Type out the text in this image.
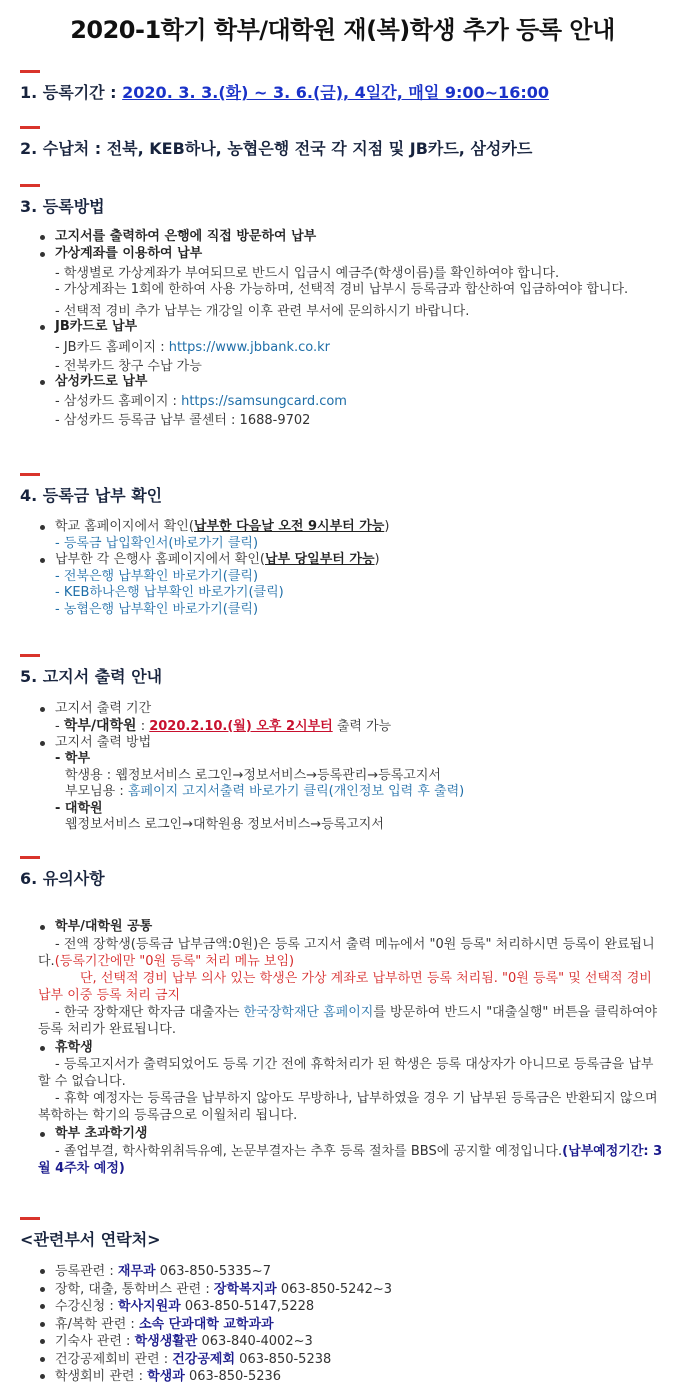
2020-1학기 학부/대학원 재(복)학생 추가 등록 안내
1. 등록기간 : 2020. 3. 3.(화) ~ 3. 6.(금), 4일간, 매일 9:00~16:00
2. 수납처 : 전북, KEB하나, 농협은행 전국 각 지점 및 JB카드, 삼성카드
3. 등록방법
고지서를 출력하여 은행에 직접 방문하여 납부
가상계좌를 이용하여 납부
- 학생별로 가상계좌가 부여되므로 반드시 입금시 예금주(학생이름)를 확인하여야 합니다.
- 가상계좌는 1회에 한하여 사용 가능하며, 선택적 경비 납부시 등록금과 합산하여 입금하여야 합니다.
- 선택적 경비 추가 납부는 개강일 이후 관련 부서에 문의하시기 바랍니다.
JB카드로 납부
- JB카드 홈페이지 : https://www.jbbank.co.kr
- 전북카드 창구 수납 가능
삼성카드로 납부
- 삼성카드 홈페이지 : https://samsungcard.com
- 삼성카드 등록금 납부 콜센터 : 1688-9702
4. 등록금 납부 확인
학교 홈페이지에서 확인(납부한 다음날 오전 9시부터 가능)
- 등록금 납입확인서(바로가기 클릭)
납부한 각 은행사 홈페이지에서 확인(납부 당일부터 가능)
- 전북은행 납부확인 바로가기(클릭)
- KEB하나은행 납부확인 바로가기(클릭)
- 농협은행 납부확인 바로가기(클릭)
5. 고지서 출력 안내
고지서 출력 기간
- 학부/대학원 : 2020.2.10.(월) 오후 2시부터 출력 가능
고지서 출력 방법
- 학부
학생용 : 웹정보서비스 로그인→정보서비스→등록관리→등록고지서
부모님용 : 홈페이지 고지서출력 바로가기 클릭(개인정보 입력 후 출력)
- 대학원
웹정보서비스 로그인→대학원용 정보서비스→등록고지서
6. 유의사항
학부/대학원 공통
- 전액 장학생(등록금 납부금액:0원)은 등록 고지서 출력 메뉴에서 "0원 등록" 처리하시면 등록이 완료됩니다.(등록기간에만 "0원 등록" 처리 메뉴 보임)
단, 선택적 경비 납부 의사 있는 학생은 가상 계좌로 납부하면 등록 처리됨. "0원 등록" 및 선택적 경비 납부 이중 등록 처리 금지
- 한국 장학재단 학자금 대출자는 한국장학재단 홈페이지를 방문하여 반드시 "대출실행" 버튼을 클릭하여야 등록 처리가 완료됩니다.
휴학생
- 등록고지서가 출력되었어도 등록 기간 전에 휴학처리가 된 학생은 등록 대상자가 아니므로 등록금을 납부할 수 없습니다.
- 휴학 예정자는 등록금을 납부하지 않아도 무방하나, 납부하였을 경우 기 납부된 등록금은 반환되지 않으며 복학하는 학기의 등록금으로 이월처리 됩니다.
학부 초과학기생
- 졸업부결, 학사학위취득유예, 논문부결자는 추후 등록 절차를 BBS에 공지할 예정입니다.(납부예정기간: 3월 4주차 예정)
<관련부서 연락처>
등록관련 : 재무과 063-850-5335~7
장학, 대출, 통학버스 관련 : 장학복지과 063-850-5242~3
수강신청 : 학사지원과 063-850-5147,5228
휴/복학 관련 : 소속 단과대학 교학과과
기숙사 관련 : 학생생활관 063-840-4002~3
건강공제회비 관련 : 건강공제회 063-850-5238
학생회비 관련 : 학생과 063-850-5236
